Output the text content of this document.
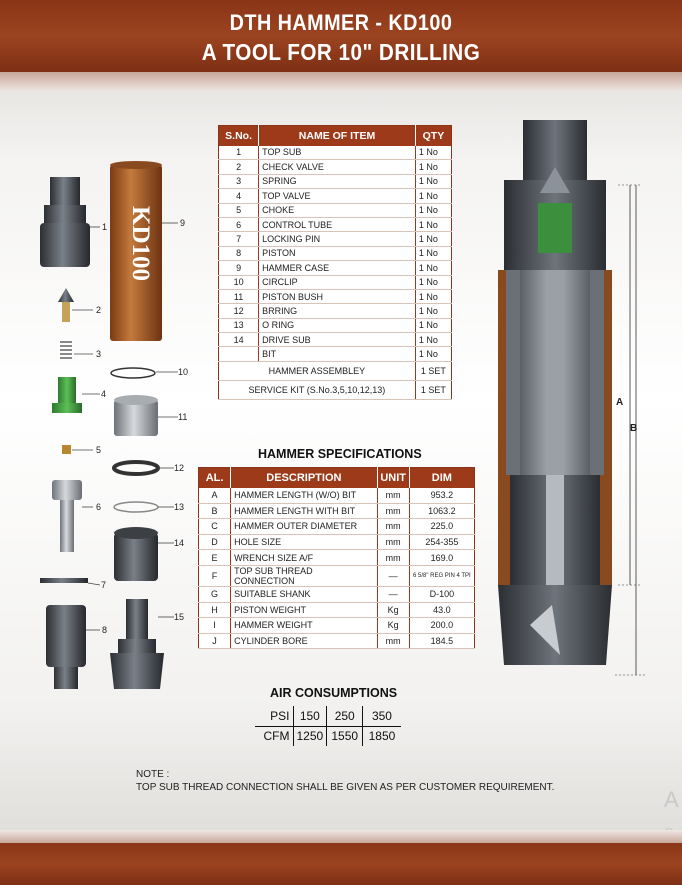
DTH HAMMER - KD100
A TOOL FOR 10" DRILLING
KD100
1
2
3
4
5
6
7
8
9
10
11
12
13
14
15
S.No.	NAME OF ITEM	QTY
1	TOP SUB	1 No
2	CHECK VALVE	1 No
3	SPRING	1 No
4	TOP VALVE	1 No
5	CHOKE	1 No
6	CONTROL TUBE	1 No
7	LOCKING PIN	1 No
8	PISTON	1 No
9	HAMMER CASE	1 No
10	CIRCLIP	1 No
11	PISTON BUSH	1 No
12	BRRING	1 No
13	O RING	1 No
14	DRIVE SUB	1 No
	BIT	1 No
HAMMER ASSEMBLEY		1 SET
SERVICE KIT (S.No.3,5,10,12,13)		1 SET
HAMMER SPECIFICATIONS
AL.	DESCRIPTION	UNIT	DIM
A	HAMMER LENGTH (W/O) BIT	mm	953.2
B	HAMMER LENGTH WITH BIT	mm	1063.2
C	HAMMER OUTER DIAMETER	mm	225.0
D	HOLE SIZE	mm	254-355
E	WRENCH SIZE A/F	mm	169.0
F	TOP SUB THREAD CONNECTION	—	6 5/8" REG PIN 4 TPI
G	SUITABLE SHANK	—	D-100
H	PISTON WEIGHT	Kg	43.0
I	HAMMER WEIGHT	Kg	200.0
J	CYLINDER BORE	mm	184.5
AIR CONSUMPTIONS
PSI	150	250	350
CFM	1250	1550	1850
A
B
NOTE :
TOP SUB THREAD CONNECTION SHALL BE GIVEN AS PER CUSTOMER REQUIREMENT.	A
